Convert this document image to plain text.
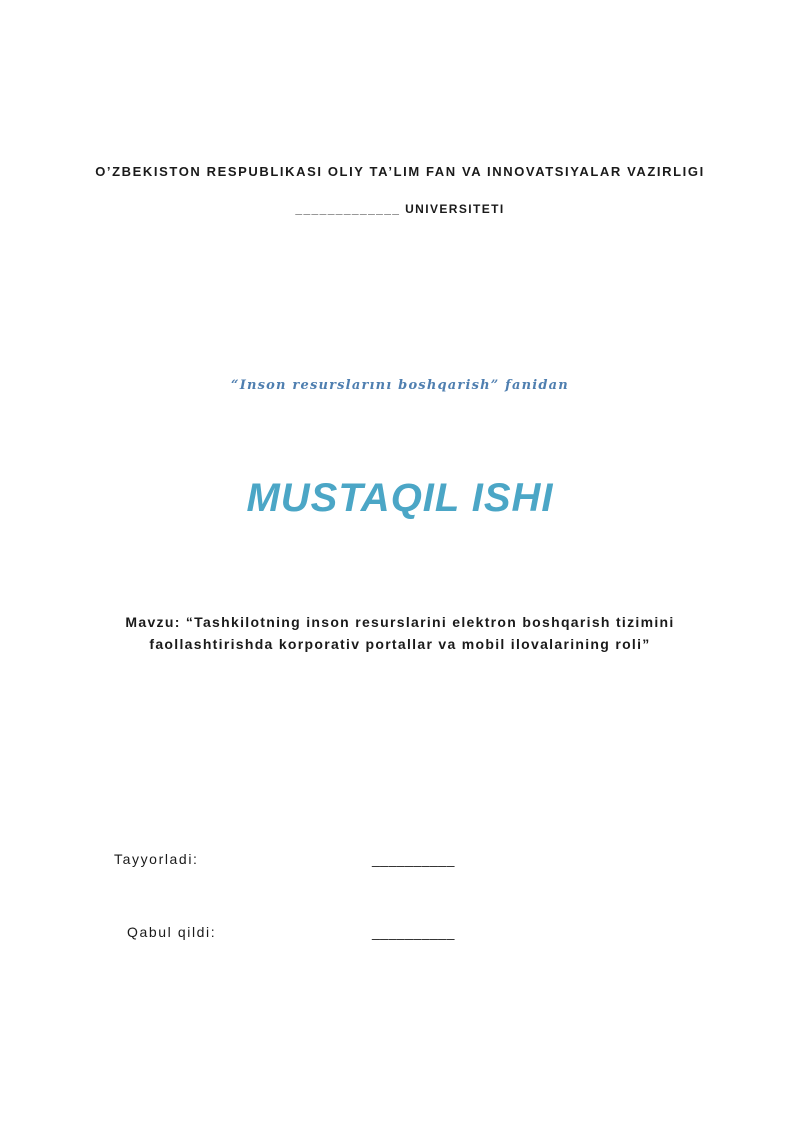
O’ZBEKISTON RESPUBLIKASI OLIY TA’LIM FAN VA INNOVATSIYALAR VAZIRLIGI
_____________ UNIVERSITETI
“Inson resurslarını boshqarish” fanidan
MUSTAQIL ISHI
Mavzu: “Tashkilotning inson resurslarini elektron boshqarish tizimini
faollashtirishda korporativ portallar va mobil ilovalarining roli”
Tayyorladi:	__________
Qabul qildi:	__________
